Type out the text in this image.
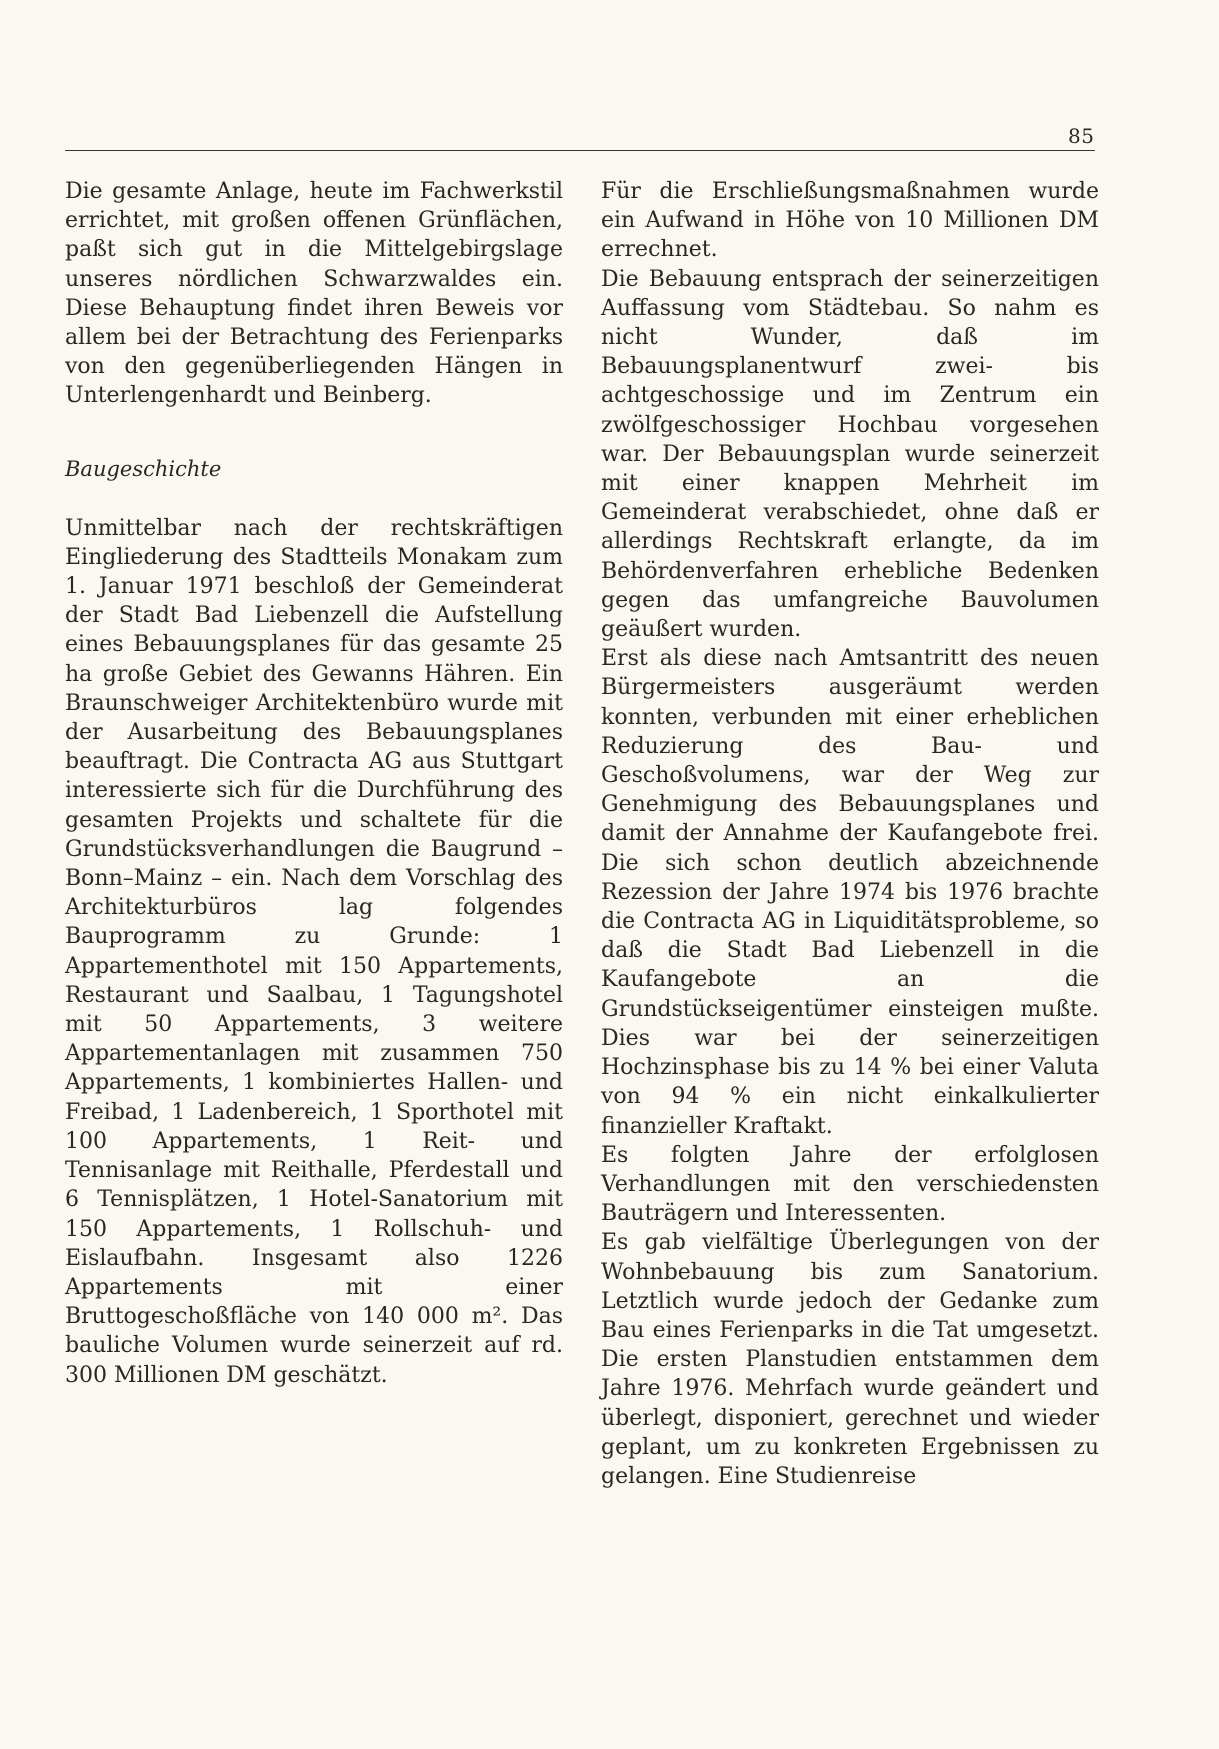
85

Die gesamte Anlage, heute im Fachwerkstil errichtet, mit großen offenen Grünflächen, paßt sich gut in die Mittelgebirgslage unseres nördlichen Schwarzwaldes ein. Diese Behauptung findet ihren Beweis vor allem bei der Betrachtung des Ferienparks von den gegenüberliegenden Hängen in Unterlengenhardt und Beinberg.

Baugeschichte

Unmittelbar nach der rechtskräftigen Eingliederung des Stadtteils Monakam zum 1. Januar 1971 beschloß der Gemeinderat der Stadt Bad Liebenzell die Aufstellung eines Bebauungsplanes für das gesamte 25 ha große Gebiet des Gewanns Hähren. Ein Braunschweiger Architektenbüro wurde mit der Ausarbeitung des Bebauungsplanes beauftragt. Die Contracta AG aus Stuttgart interessierte sich für die Durchführung des gesamten Projekts und schaltete für die Grundstücksverhandlungen die Baugrund – Bonn–Mainz – ein. Nach dem Vorschlag des Architekturbüros lag folgendes Bauprogramm zu Grunde: 1 Appartementhotel mit 150 Appartements, Restaurant und Saalbau, 1 Tagungshotel mit 50 Appartements, 3 weitere Appartementanlagen mit zusammen 750 Appartements, 1 kombiniertes Hallen- und Freibad, 1 Ladenbereich, 1 Sporthotel mit 100 Appartements, 1 Reit- und Tennisanlage mit Reithalle, Pferdestall und 6 Tennisplätzen, 1 Hotel-Sanatorium mit 150 Appartements, 1 Rollschuh- und Eislaufbahn. Insgesamt also 1226 Appartements mit einer Bruttogeschoßfläche von 140 000 m². Das bauliche Volumen wurde seinerzeit auf rd. 300 Millionen DM geschätzt.

Für die Erschließungsmaßnahmen wurde ein Aufwand in Höhe von 10 Millionen DM errechnet.

Die Bebauung entsprach der seinerzeitigen Auffassung vom Städtebau. So nahm es nicht Wunder, daß im Bebauungsplanentwurf zwei- bis achtgeschossige und im Zentrum ein zwölfgeschossiger Hochbau vorgesehen war. Der Bebauungsplan wurde seinerzeit mit einer knappen Mehrheit im Gemeinderat verabschiedet, ohne daß er allerdings Rechtskraft erlangte, da im Behördenverfahren erhebliche Bedenken gegen das umfangreiche Bauvolumen geäußert wurden.

Erst als diese nach Amtsantritt des neuen Bürgermeisters ausgeräumt werden konnten, verbunden mit einer erheblichen Reduzierung des Bau- und Geschoßvolumens, war der Weg zur Genehmigung des Bebauungsplanes und damit der Annahme der Kaufangebote frei. Die sich schon deutlich abzeichnende Rezession der Jahre 1974 bis 1976 brachte die Contracta AG in Liquiditätsprobleme, so daß die Stadt Bad Liebenzell in die Kaufangebote an die Grundstückseigentümer einsteigen mußte. Dies war bei der seinerzeitigen Hochzinsphase bis zu 14 % bei einer Valuta von 94 % ein nicht einkalkulierter finanzieller Kraftakt.

Es folgten Jahre der erfolglosen Verhandlungen mit den verschiedensten Bauträgern und Interessenten.

Es gab vielfältige Überlegungen von der Wohnbebauung bis zum Sanatorium. Letztlich wurde jedoch der Gedanke zum Bau eines Ferienparks in die Tat umgesetzt. Die ersten Planstudien entstammen dem Jahre 1976. Mehrfach wurde geändert und überlegt, disponiert, gerechnet und wieder geplant, um zu konkreten Ergebnissen zu gelangen. Eine Studienreise
